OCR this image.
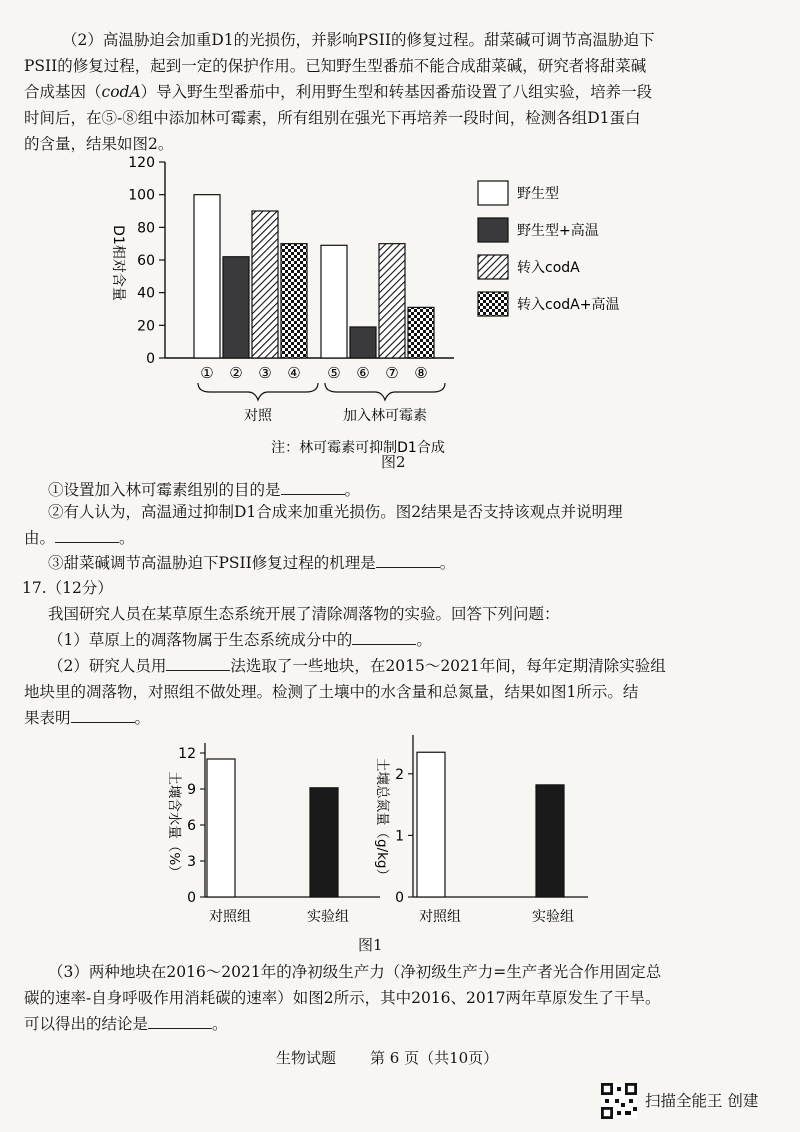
（2）高温胁迫会加重D1的光损伤，并影响PSII的修复过程。甜菜碱可调节高温胁迫下
PSII的修复过程，起到一定的保护作用。已知野生型番茄不能合成甜菜碱，研究者将甜菜碱
合成基因（codA）导入野生型番茄中，利用野生型和转基因番茄设置了八组实验，培养一段
时间后，在⑤-⑧组中添加林可霉素，所有组别在强光下再培养一段时间，检测各组D1蛋白
的含量，结果如图2。
D1相对含量
0
20
40
60
80
100
120
① ② ③ ④ ⑤ ⑥ ⑦ ⑧
对照	加入林可霉素
野生型
野生型+高温
转入codA
转入codA+高温
注：林可霉素可抑制D1合成
图2
①设置加入林可霉素组别的目的是	。
②有人认为，高温通过抑制D1合成来加重光损伤。图2结果是否支持该观点并说明理
由。	。
③甜菜碱调节高温胁迫下PSII修复过程的机理是	。
17.（12分）
我国研究人员在某草原生态系统开展了清除凋落物的实验。回答下列问题：
（1）草原上的凋落物属于生态系统成分中的	。
（2）研究人员用	法选取了一些地块，在2015～2021年间，每年定期清除实验组
地块里的凋落物，对照组不做处理。检测了土壤中的水含量和总氮量，结果如图1所示。结
果表明	。
0
3
6
9
12
土壤含水量（%）
对照组	实验组
0
1
2
土壤总氮量（g/kg）
对照组	实验组
图1
（3）两种地块在2016～2021年的净初级生产力（净初级生产力=生产者光合作用固定总
碳的速率-自身呼吸作用消耗碳的速率）如图2所示，其中2016、2017两年草原发生了干旱。
可以得出的结论是	。
生物试题 第 6 页（共10页）
扫描全能王 创建
